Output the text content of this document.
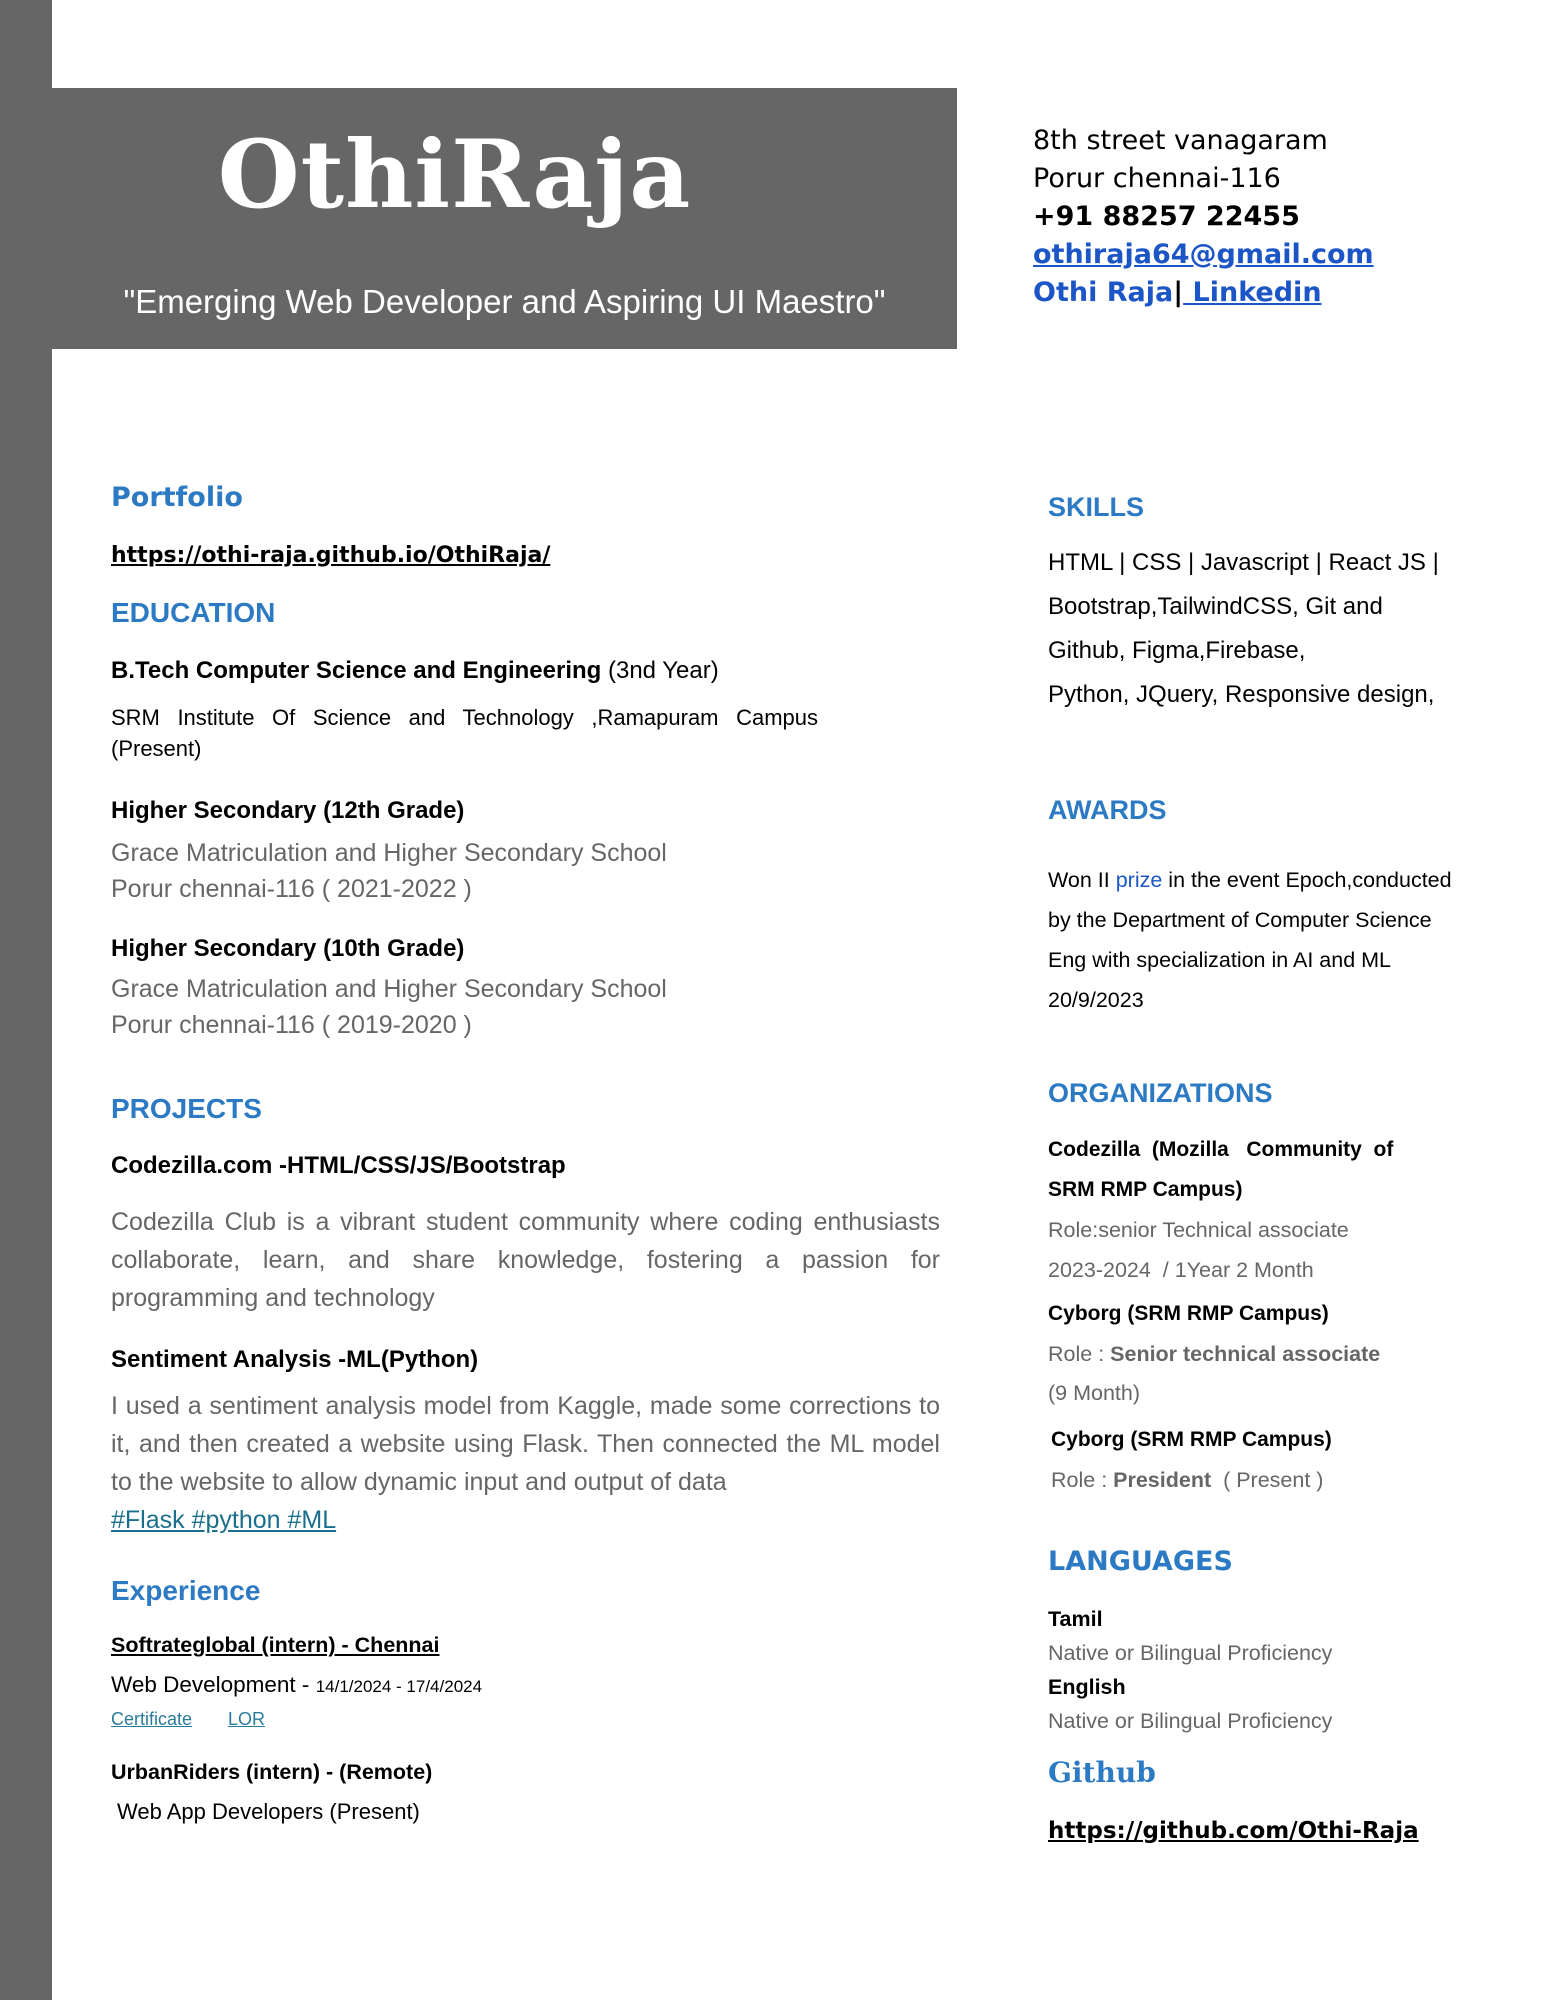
OthiRaja
"Emerging Web Developer and Aspiring UI Maestro"
8th street vanagaram
Porur chennai-116
+91 88257 22455
othiraja64@gmail.com
Othi Raja| Linkedin
Portfolio
https://othi-raja.github.io/OthiRaja/
EDUCATION
B.Tech Computer Science and Engineering (3nd Year)
SRM Institute Of Science and Technology ,Ramapuram Campus (Present)
Higher Secondary (12th Grade)
Grace Matriculation and Higher Secondary School
Porur chennai-116 ( 2021-2022 )
Higher Secondary (10th Grade)
Grace Matriculation and Higher Secondary School
Porur chennai-116 ( 2019-2020 )
PROJECTS
Codezilla.com -HTML/CSS/JS/Bootstrap
Codezilla Club is a vibrant student community where coding enthusiasts collaborate, learn, and share knowledge, fostering a passion for programming and technology
Sentiment Analysis -ML(Python)
I used a sentiment analysis model from Kaggle, made some corrections to it, and then created a website using Flask. Then connected the ML model to the website to allow dynamic input and output of data
#Flask #python #ML
Experience
Softrateglobal (intern) - Chennai
Web Development - 14/1/2024 - 17/4/2024
Certificate LOR
UrbanRiders (intern) - (Remote)
Web App Developers (Present)
SKILLS
HTML | CSS | Javascript | React JS |
Bootstrap,TailwindCSS, Git and
Github, Figma,Firebase,
Python, JQuery, Responsive design,
AWARDS
Won II prize in the event Epoch,conducted
by the Department of Computer Science
Eng with specialization in AI and ML
20/9/2023
ORGANIZATIONS
Codezilla  (Mozilla   Community  of
SRM RMP Campus)
Role:senior Technical associate
2023-2024  / 1Year 2 Month
Cyborg (SRM RMP Campus)
Role : Senior technical associate
(9 Month)
Cyborg (SRM RMP Campus)
Role : President  ( Present )
LANGUAGES
Tamil
Native or Bilingual Proficiency
English
Native or Bilingual Proficiency
Github
https://github.com/Othi-Raja
